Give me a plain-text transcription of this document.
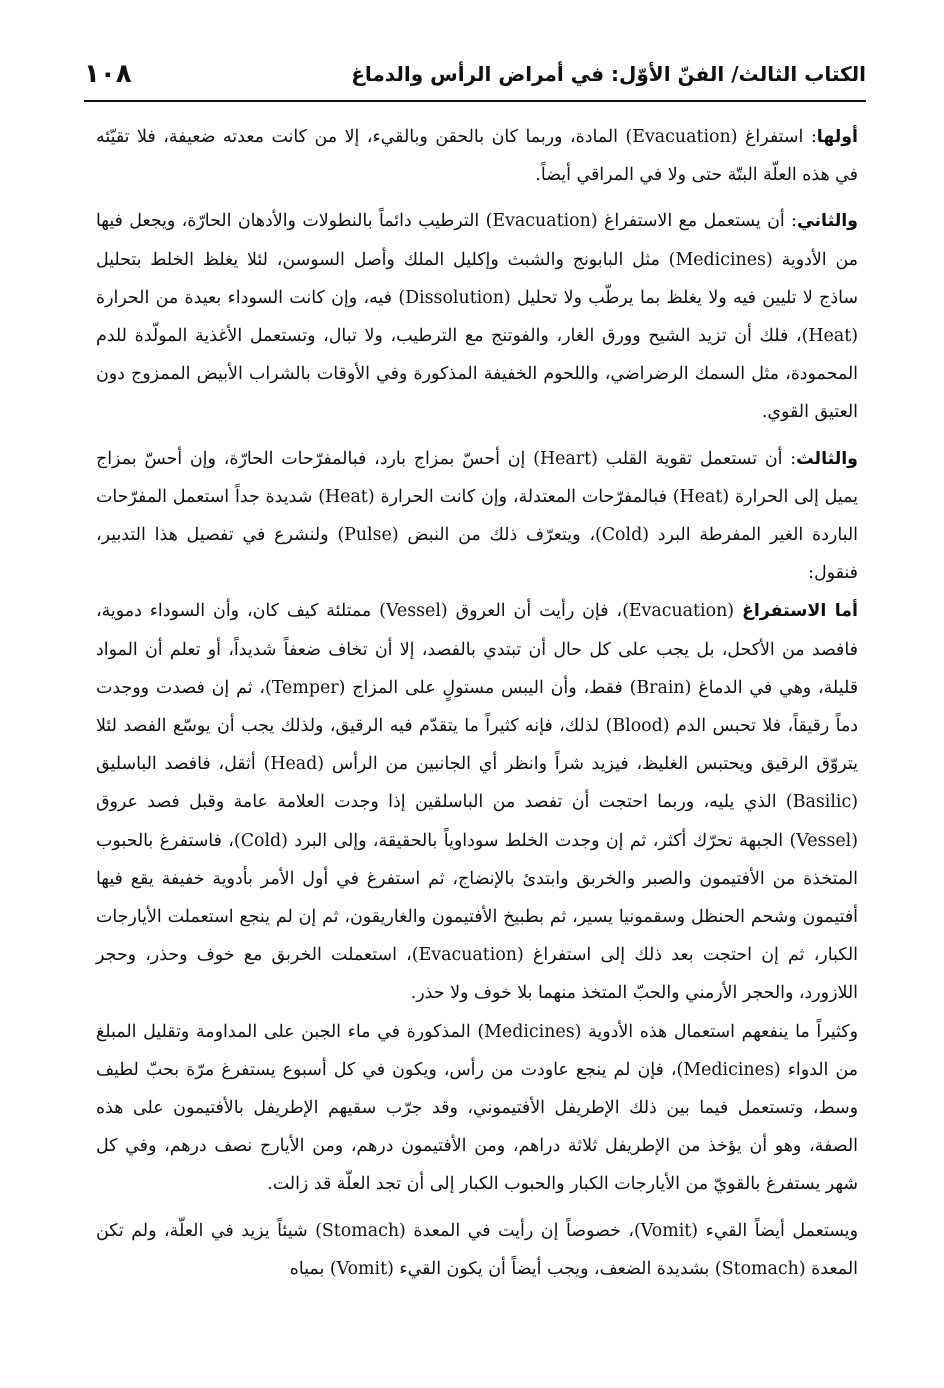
١٠٨	الكتاب الثالث/ الفنّ الأوّل: في أمراض الرأس والدماغ

أولها: استفراغ (Evacuation) المادة، وربما كان بالحقن وبالقيء، إلا من كانت معدته ضعيفة، فلا تقيّئه في هذه العلّة البتّة حتى ولا في المراقي أيضاً.

والثاني: أن يستعمل مع الاستفراغ (Evacuation) الترطيب دائماً بالنطولات والأدهان الحارّة، ويجعل فيها من الأدوية (Medicines) مثل البابونج والشبث وإكليل الملك وأصل السوسن، لئلا يغلظ الخلط بتحليل ساذج لا تليين فيه ولا يغلظ بما يرطّب ولا تحليل (Dissolution) فيه، وإن كانت السوداء بعيدة من الحرارة (Heat)، فلك أن تزيد الشيح وورق الغار، والفوتنج مع الترطيب، ولا تبال، وتستعمل الأغذية المولّدة للدم المحمودة، مثل السمك الرضراضي، واللحوم الخفيفة المذكورة وفي الأوقات بالشراب الأبيض الممزوج دون العتيق القوي.

والثالث: أن تستعمل تقوية القلب (Heart) إن أحسّ بمزاج بارد، فبالمفرّحات الحارّة، وإن أحسّ بمزاج يميل إلى الحرارة (Heat) فبالمفرّحات المعتدلة، وإن كانت الحرارة (Heat) شديدة جداً استعمل المفرّحات الباردة الغير المفرطة البرد (Cold)، ويتعرّف ذلك من النبض (Pulse) ولنشرع في تفصيل هذا التدبير، فنقول:

أما الاستفراغ (Evacuation)، فإن رأيت أن العروق (Vessel) ممتلئة كيف كان، وأن السوداء دموية، فافصد من الأكحل، بل يجب على كل حال أن تبتدي بالفصد، إلا أن تخاف ضعفاً شديداً، أو تعلم أن المواد قليلة، وهي في الدماغ (Brain) فقط، وأن اليبس مستولٍ على المزاج (Temper)، ثم إن فصدت ووجدت دماً رقيقاً، فلا تحبس الدم (Blood) لذلك، فإنه كثيراً ما يتقدّم فيه الرقيق، ولذلك يجب أن يوسّع الفصد لئلا يتروّق الرقيق ويحتبس الغليظ، فيزيد شراً وانظر أي الجانبين من الرأس (Head) أثقل، فافصد الباسليق (Basilic) الذي يليه، وربما احتجت أن تفصد من الباسلقين إذا وجدت العلامة عامة وقبل فصد عروق (Vessel) الجبهة تحرّك أكثر، ثم إن وجدت الخلط سوداوياً بالحقيقة، وإلى البرد (Cold)، فاستفرغ بالحبوب المتخذة من الأفتيمون والصبر والخربق وابتدئ بالإنضاج، ثم استفرغ في أول الأمر بأدوية خفيفة يقع فيها أفتيمون وشحم الحنظل وسقمونيا يسير، ثم بطبيخ الأفتيمون والغاريقون، ثم إن لم ينجع استعملت الأيارجات الكبار، ثم إن احتجت بعد ذلك إلى استفراغ (Evacuation)، استعملت الخربق مع خوف وحذر، وحجر اللازورد، والحجر الأرمني والحبّ المتخذ منهما بلا خوف ولا حذر.

وكثيراً ما ينفعهم استعمال هذه الأدوية (Medicines) المذكورة في ماء الجبن على المداومة وتقليل المبلغ من الدواء (Medicines)، فإن لم ينجع عاودت من رأس، ويكون في كل أسبوع يستفرغ مرّة بحبّ لطيف وسط، وتستعمل فيما بين ذلك الإطريفل الأفتيموني، وقد جرّب سقيهم الإطريفل بالأفتيمون على هذه الصفة، وهو أن يؤخذ من الإطريفل ثلاثة دراهم، ومن الأفتيمون درهم، ومن الأيارج نصف درهم، وفي كل شهر يستفرغ بالقويّ من الأيارجات الكبار والحبوب الكبار إلى أن تجد العلّة قد زالت.

ويستعمل أيضاً القيء (Vomit)، خصوصاً إن رأيت في المعدة (Stomach) شيئاً يزيد في العلّة، ولم تكن المعدة (Stomach) بشديدة الضعف، ويجب أيضاً أن يكون القيء (Vomit) بمياه
